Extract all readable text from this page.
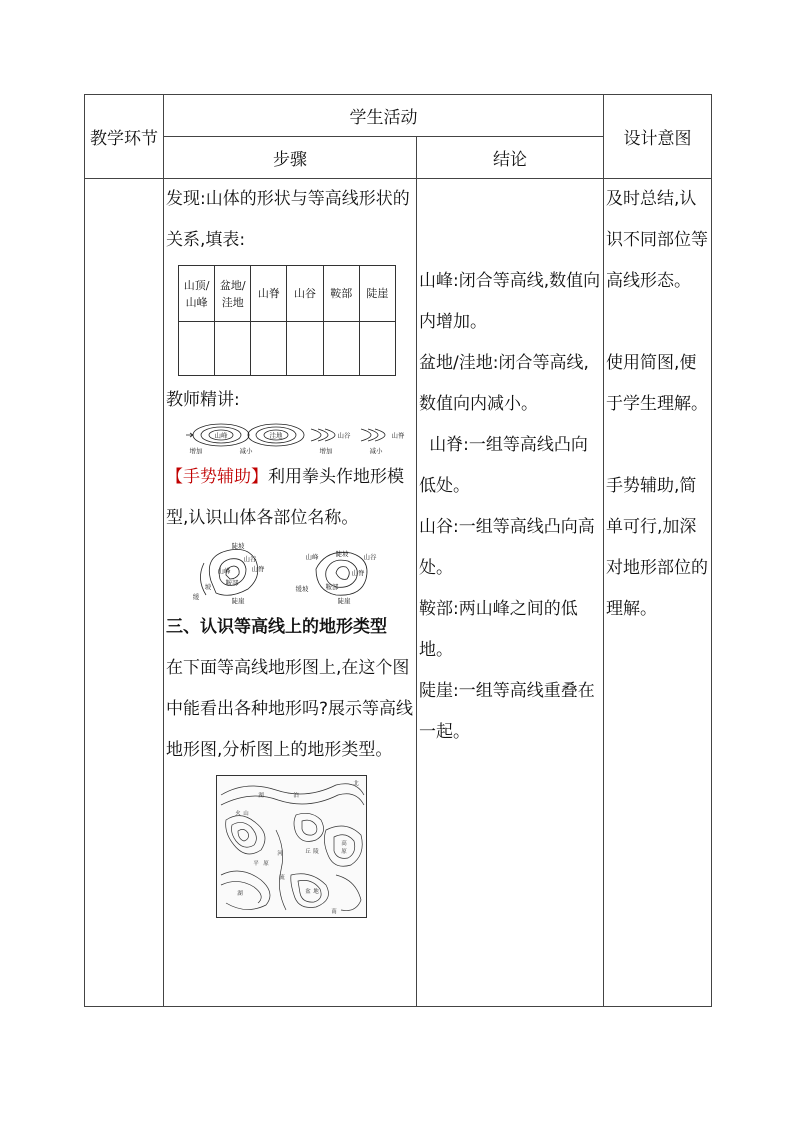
教学环节	学生活动	设计意图
步骤	结论

发现:山体的形状与等高线形状的关系,填表:

山顶/山峰	盆地/洼地	山脊	山谷	鞍部	陡崖

教师精讲:

山峰	洼地	山谷	山脊
增加	减小	增加	减小

【手势辅助】利用拳头作地形模型,认识山体各部位名称。

陡坡
山谷
山峰	山脊
鞍部
坡
缓	陡崖
山峰	陡坡 山谷
山脊
缓坡	鞍部
陡崖

三、认识等高线上的地形类型

在下面等高线地形图上,在这个图中能看出各种地形吗?展示等高线地形图,分析图上的地形类型。

湖	泊
火 山
平 原
高
原
丘 陵
盆 地
河
流
湖
南
北

山峰:闭合等高线,数值向内增加。

盆地/洼地:闭合等高线,数值向内减小。

山脊:一组等高线凸向低处。

山谷:一组等高线凸向高处。

鞍部:两山峰之间的低地。

陡崖:一组等高线重叠在一起。

及时总结,认识不同部位等高线形态。

使用简图,便于学生理解。

手势辅助,简单可行,加深对地形部位的理解。
